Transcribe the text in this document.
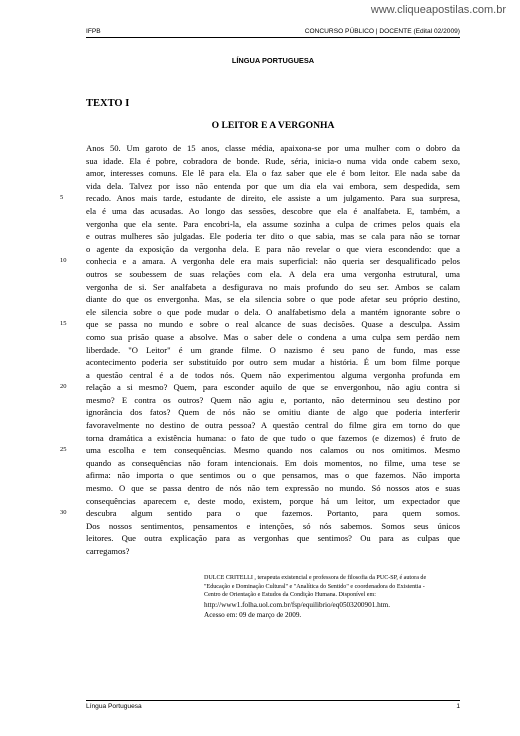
www.cliqueapostilas.com.br
IFPB	CONCURSO PÚBLICO | DOCENTE (Edital 02/2009)
LÍNGUA PORTUGUESA
TEXTO I
O LEITOR E A VERGONHA
Anos 50. Um garoto de 15 anos, classe média, apaixona-se por uma mulher com o dobro da
sua idade. Ela é pobre, cobradora de bonde. Rude, séria, inicia-o numa vida onde cabem sexo,
amor, interesses comuns. Ele lê para ela. Ela o faz saber que ele é bom leitor. Ele nada sabe da
vida dela. Talvez por isso não entenda por que um dia ela vai embora, sem despedida, sem
5	recado. Anos mais tarde, estudante de direito, ele assiste a um julgamento. Para sua surpresa,
ela é uma das acusadas. Ao longo das sessões, descobre que ela é analfabeta. E, também, a
vergonha que ela sente. Para encobri-la, ela assume sozinha a culpa de crimes pelos quais ela
e outras mulheres são julgadas. Ele poderia ter dito o que sabia, mas se cala para não se tornar
o agente da exposição da vergonha dela. E para não revelar o que viera escondendo: que a
10 conhecia e a amara. A vergonha dele era mais superficial: não queria ser desqualificado pelos
outros se soubessem de suas relações com ela. A dela era uma vergonha estrutural, uma
vergonha de si. Ser analfabeta a desfigurava no mais profundo do seu ser. Ambos se calam
diante do que os envergonha. Mas, se ela silencia sobre o que pode afetar seu próprio destino,
ele silencia sobre o que pode mudar o dela. O analfabetismo dela a mantém ignorante sobre o
15 que se passa no mundo e sobre o real alcance de suas decisões. Quase a desculpa. Assim
como sua prisão quase a absolve. Mas o saber dele o condena a uma culpa sem perdão nem
liberdade. "O Leitor" é um grande filme. O nazismo é seu pano de fundo, mas esse
acontecimento poderia ser substituído por outro sem mudar a história. É um bom filme porque
a questão central é a de todos nós. Quem não experimentou alguma vergonha profunda em
20 relação a si mesmo? Quem, para esconder aquilo de que se envergonhou, não agiu contra si
mesmo? E contra os outros? Quem não agiu e, portanto, não determinou seu destino por
ignorância dos fatos? Quem de nós não se omitiu diante de algo que poderia interferir
favoravelmente no destino de outra pessoa? A questão central do filme gira em torno do que
torna dramática a existência humana: o fato de que tudo o que fazemos (e dizemos) é fruto de
25 uma escolha e tem consequências. Mesmo quando nos calamos ou nos omitimos. Mesmo
quando as consequências não foram intencionais. Em dois momentos, no filme, uma tese se
afirma: não importa o que sentimos ou o que pensamos, mas o que fazemos. Não importa
mesmo. O que se passa dentro de nós não tem expressão no mundo. Só nossos atos e suas
consequências aparecem e, deste modo, existem, porque há um leitor, um expectador que
30 descubra algum sentido para o que fazemos. Portanto, para quem somos.
Dos nossos sentimentos, pensamentos e intenções, só nós sabemos. Somos seus únicos
leitores. Que outra explicação para as vergonhas que sentimos? Ou para as culpas que
carregamos?
DULCE CRITELLI , terapeuta existencial e professora de filosofia da PUC-SP, é autora de
"Educação e Dominação Cultural" e "Analítica do Sentido" e coordenadora do Existentia -
Centro de Orientação e Estudos da Condição Humana. Disponível em:
http://www1.folha.uol.com.br/fsp/equilibrio/eq0503200901.htm.
Acesso em: 09 de março de 2009.
Língua Portuguesa	1
